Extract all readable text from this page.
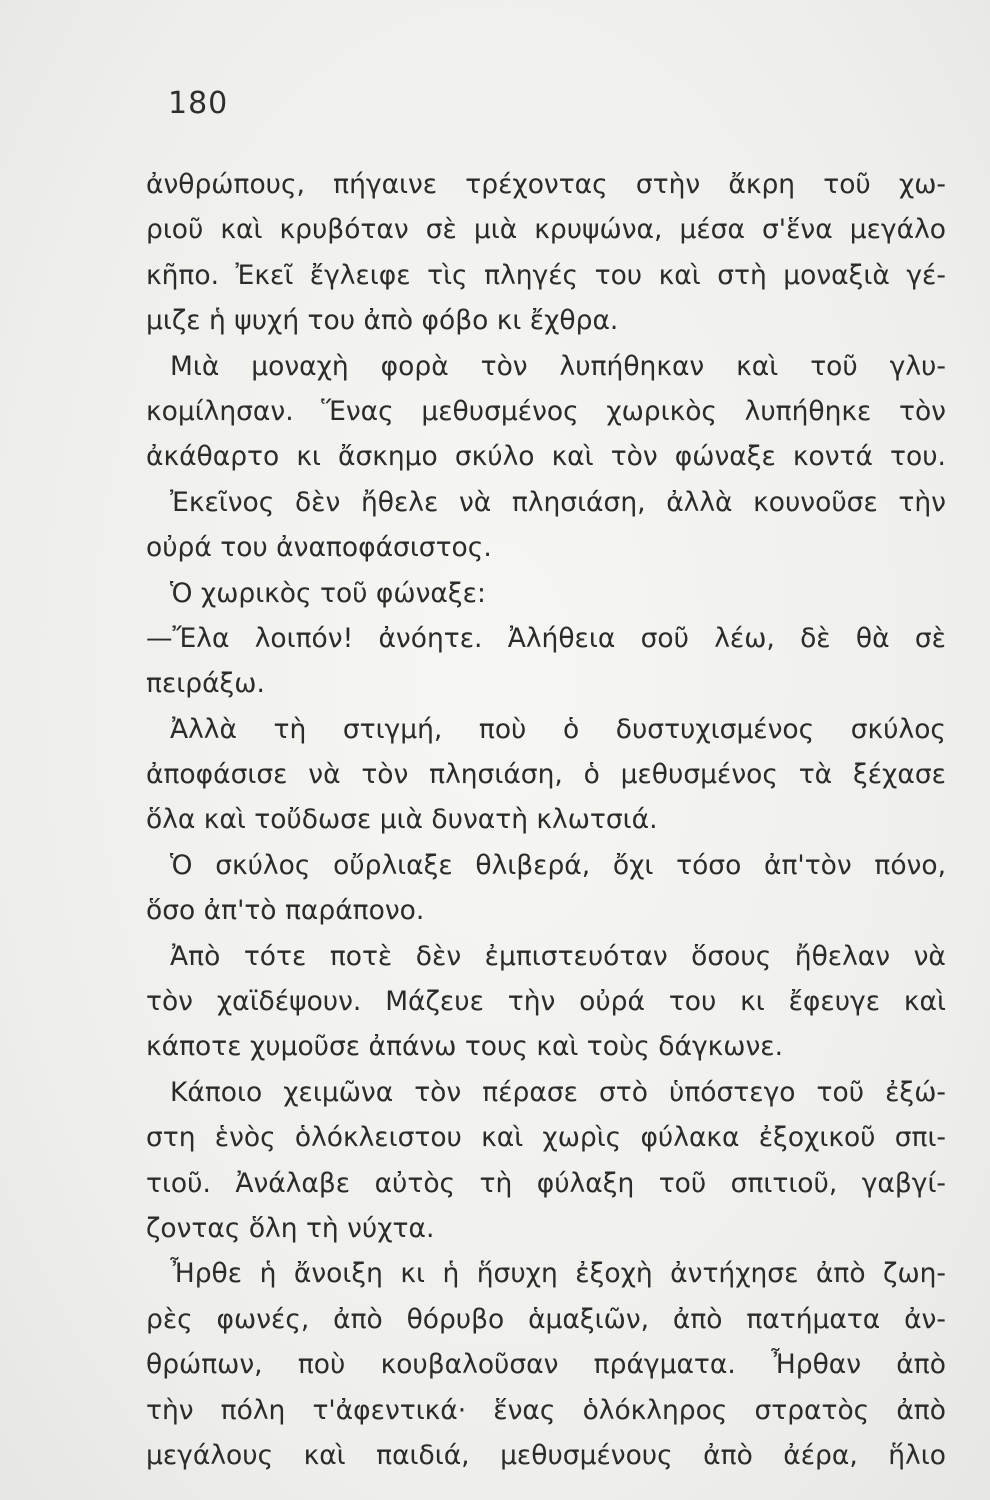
180
ἀνθρώπους, πήγαινε τρέχοντας στὴν ἄκρη τοῦ χω-
ριοῦ καὶ κρυβόταν σὲ μιὰ κρυψώνα, μέσα σ'ἕνα μεγάλο
κῆπο. Ἐκεῖ ἔγλειφε τὶς πληγές του καὶ στὴ μοναξιὰ γέ-
μιζε ἡ ψυχή του ἀπὸ φόβο κι ἔχθρα.
Μιὰ μοναχὴ φορὰ τὸν λυπήθηκαν καὶ τοῦ γλυ-
κομίλησαν. Ἕνας μεθυσμένος χωρικὸς λυπήθηκε τὸν
ἀκάθαρτο κι ἄσκημο σκύλο καὶ τὸν φώναξε κοντά του.
Ἐκεῖνος δὲν ἤθελε νὰ πλησιάση, ἀλλὰ κουνοῦσε τὴν
οὐρά του ἀναποφάσιστος.
Ὁ χωρικὸς τοῦ φώναξε:
—Ἔλα λοιπόν! ἀνόητε. Ἀλήθεια σοῦ λέω, δὲ θὰ σὲ
πειράξω.
Ἀλλὰ τὴ στιγμή, ποὺ ὁ δυστυχισμένος σκύλος
ἀποφάσισε νὰ τὸν πλησιάση, ὁ μεθυσμένος τὰ ξέχασε
ὅλα καὶ τοὔδωσε μιὰ δυνατὴ κλωτσιά.
Ὁ σκύλος οὔρλιαξε θλιβερά, ὄχι τόσο ἀπ'τὸν πόνο,
ὅσο ἀπ'τὸ παράπονο.
Ἀπὸ τότε ποτὲ δὲν ἐμπιστευόταν ὅσους ἤθελαν νὰ
τὸν χαϊδέψουν. Μάζευε τὴν οὐρά του κι ἔφευγε καὶ
κάποτε χυμοῦσε ἀπάνω τους καὶ τοὺς δάγκωνε.
Κάποιο χειμῶνα τὸν πέρασε στὸ ὑπόστεγο τοῦ ἐξώ-
στη ἑνὸς ὁλόκλειστου καὶ χωρὶς φύλακα ἐξοχικοῦ σπι-
τιοῦ. Ἀνάλαβε αὐτὸς τὴ φύλαξη τοῦ σπιτιοῦ, γαβγί-
ζοντας ὅλη τὴ νύχτα.
Ἦρθε ἡ ἄνοιξη κι ἡ ἥσυχη ἐξοχὴ ἀντήχησε ἀπὸ ζωη-
ρὲς φωνές, ἀπὸ θόρυβο ἁμαξιῶν, ἀπὸ πατήματα ἀν-
θρώπων, ποὺ κουβαλοῦσαν πράγματα. Ἦρθαν ἀπὸ
τὴν πόλη τ'ἀφεντικά· ἕνας ὁλόκληρος στρατὸς ἀπὸ
μεγάλους καὶ παιδιά, μεθυσμένους ἀπὸ ἀέρα, ἥλιο
